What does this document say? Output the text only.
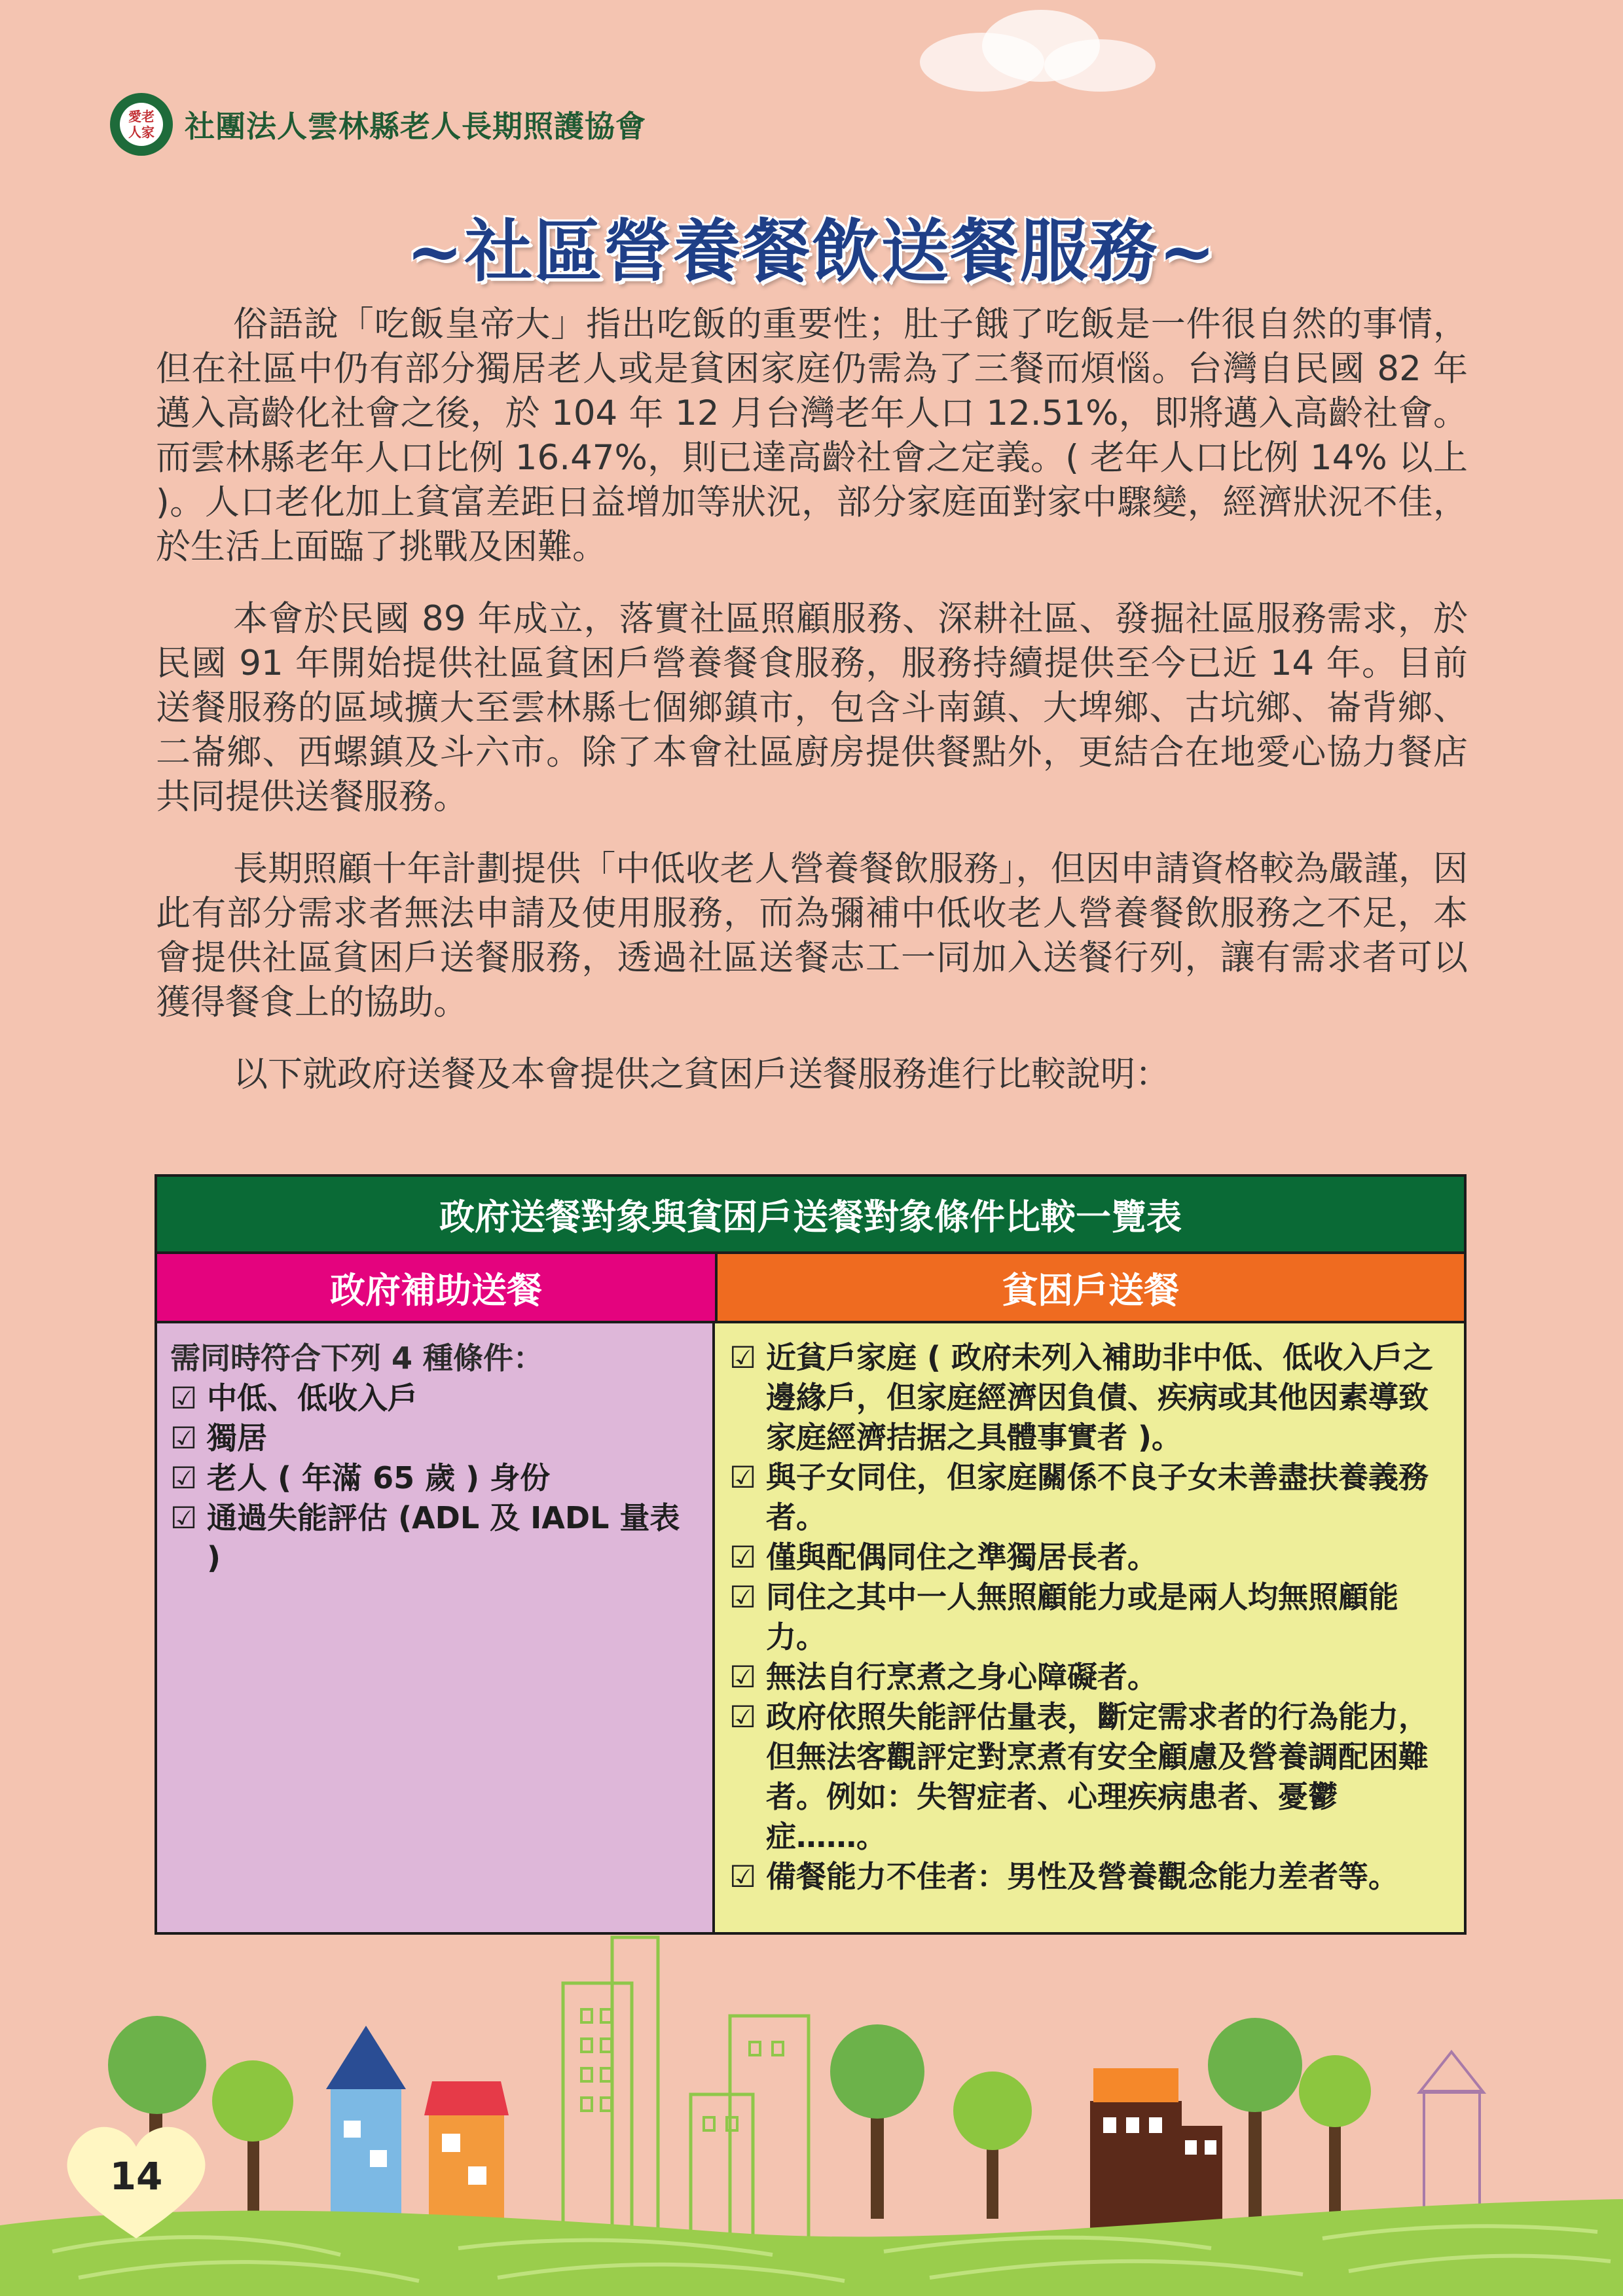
愛老
人家 社團法人雲林縣老人長期照護協會
~社區營養餐飲送餐服務~

俗語說「吃飯皇帝大」指出吃飯的重要性；肚子餓了吃飯是一件很自然的事情，但在社區中仍有部分獨居老人或是貧困家庭仍需為了三餐而煩惱。台灣自民國 82 年邁入高齡化社會之後，於 104 年 12 月台灣老年人口 12.51%，即將邁入高齡社會。而雲林縣老年人口比例 16.47%，則已達高齡社會之定義。( 老年人口比例 14% 以上 )。人口老化加上貧富差距日益增加等狀況，部分家庭面對家中驟變，經濟狀況不佳，於生活上面臨了挑戰及困難。

本會於民國 89 年成立，落實社區照顧服務、深耕社區、發掘社區服務需求，於民國 91 年開始提供社區貧困戶營養餐食服務，服務持續提供至今已近 14 年。目前送餐服務的區域擴大至雲林縣七個鄉鎮市，包含斗南鎮、大埤鄉、古坑鄉、崙背鄉、二崙鄉、西螺鎮及斗六市。除了本會社區廚房提供餐點外，更結合在地愛心協力餐店共同提供送餐服務。

長期照顧十年計劃提供「中低收老人營養餐飲服務」，但因申請資格較為嚴謹，因此有部分需求者無法申請及使用服務，而為彌補中低收老人營養餐飲服務之不足，本會提供社區貧困戶送餐服務，透過社區送餐志工一同加入送餐行列，讓有需求者可以獲得餐食上的協助。

以下就政府送餐及本會提供之貧困戶送餐服務進行比較說明：

政府送餐對象與貧困戶送餐對象條件比較一覽表
政府補助送餐	貧困戶送餐
需同時符合下列 4 種條件：
☑ 中低、低收入戶
☑ 獨居
☑ 老人 ( 年滿 65 歲 ) 身份
☑ 通過失能評估 (ADL 及 IADL 量表 )
☑ 近貧戶家庭 ( 政府未列入補助非中低、低收入戶之邊緣戶，但家庭經濟因負債、疾病或其他因素導致家庭經濟拮据之具體事實者 )。
☑ 與子女同住，但家庭關係不良子女未善盡扶養義務者。
☑ 僅與配偶同住之準獨居長者。
☑ 同住之其中一人無照顧能力或是兩人均無照顧能力。
☑ 無法自行烹煮之身心障礙者。
☑ 政府依照失能評估量表，斷定需求者的行為能力，但無法客觀評定對烹煮有安全顧慮及營養調配困難者。例如：失智症者、心理疾病患者、憂鬱症……。
☑ 備餐能力不佳者：男性及營養觀念能力差者等。
14
